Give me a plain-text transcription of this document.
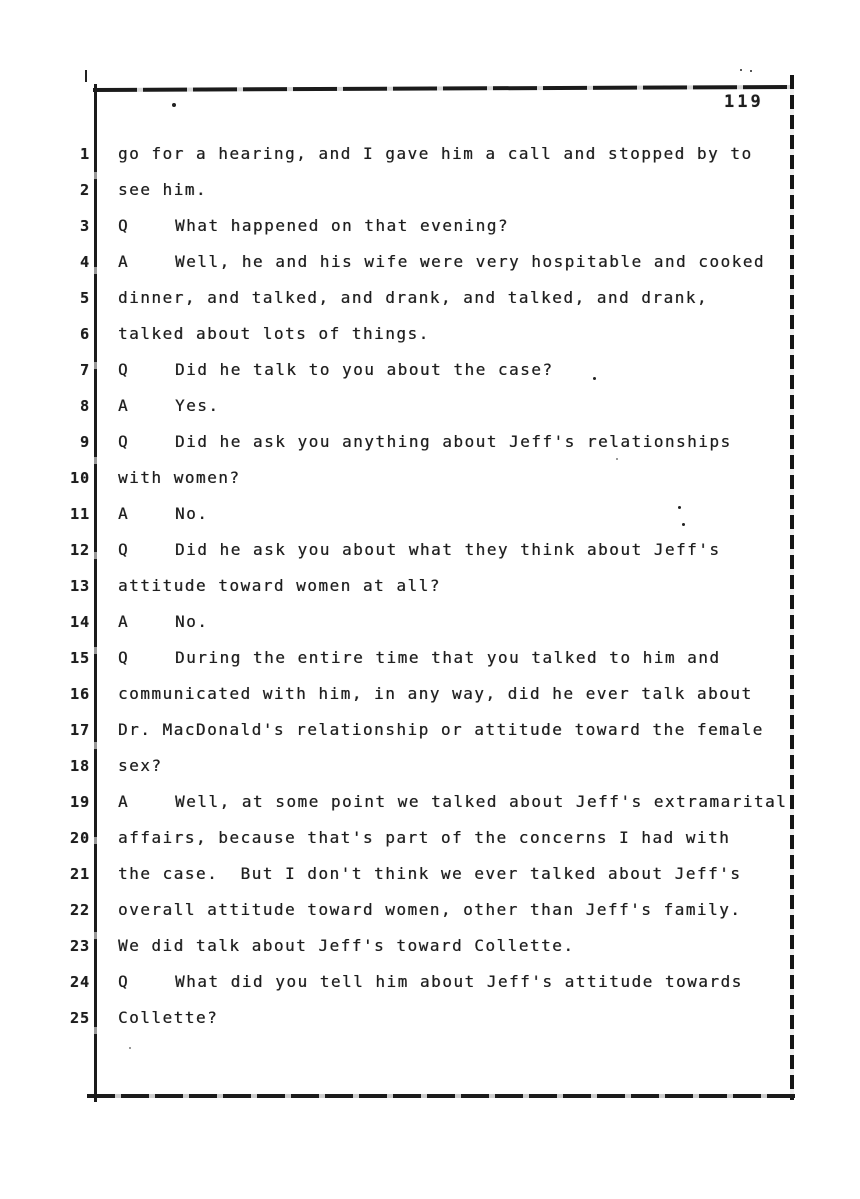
119
1 go for a hearing, and I gave him a call and stopped by to
2 see him.
3 Q	What happened on that evening?
4 A	Well, he and his wife were very hospitable and cooked
5 dinner, and talked, and drank, and talked, and drank,
6 talked about lots of things.
7 Q	Did he talk to you about the case?
8 A	Yes.
9 Q	Did he ask you anything about Jeff's relationships
10 with women?
11 A	No.
12 Q	Did he ask you about what they think about Jeff's
13 attitude toward women at all?
14 A	No.
15 Q	During the entire time that you talked to him and
16 communicated with him, in any way, did he ever talk about
17 Dr. MacDonald's relationship or attitude toward the female
18 sex?
19 A	Well, at some point we talked about Jeff's extramarital
20 affairs, because that's part of the concerns I had with
21 the case.  But I don't think we ever talked about Jeff's
22 overall attitude toward women, other than Jeff's family.
23 We did talk about Jeff's toward Collette.
24 Q	What did you tell him about Jeff's attitude towards
25 Collette?
